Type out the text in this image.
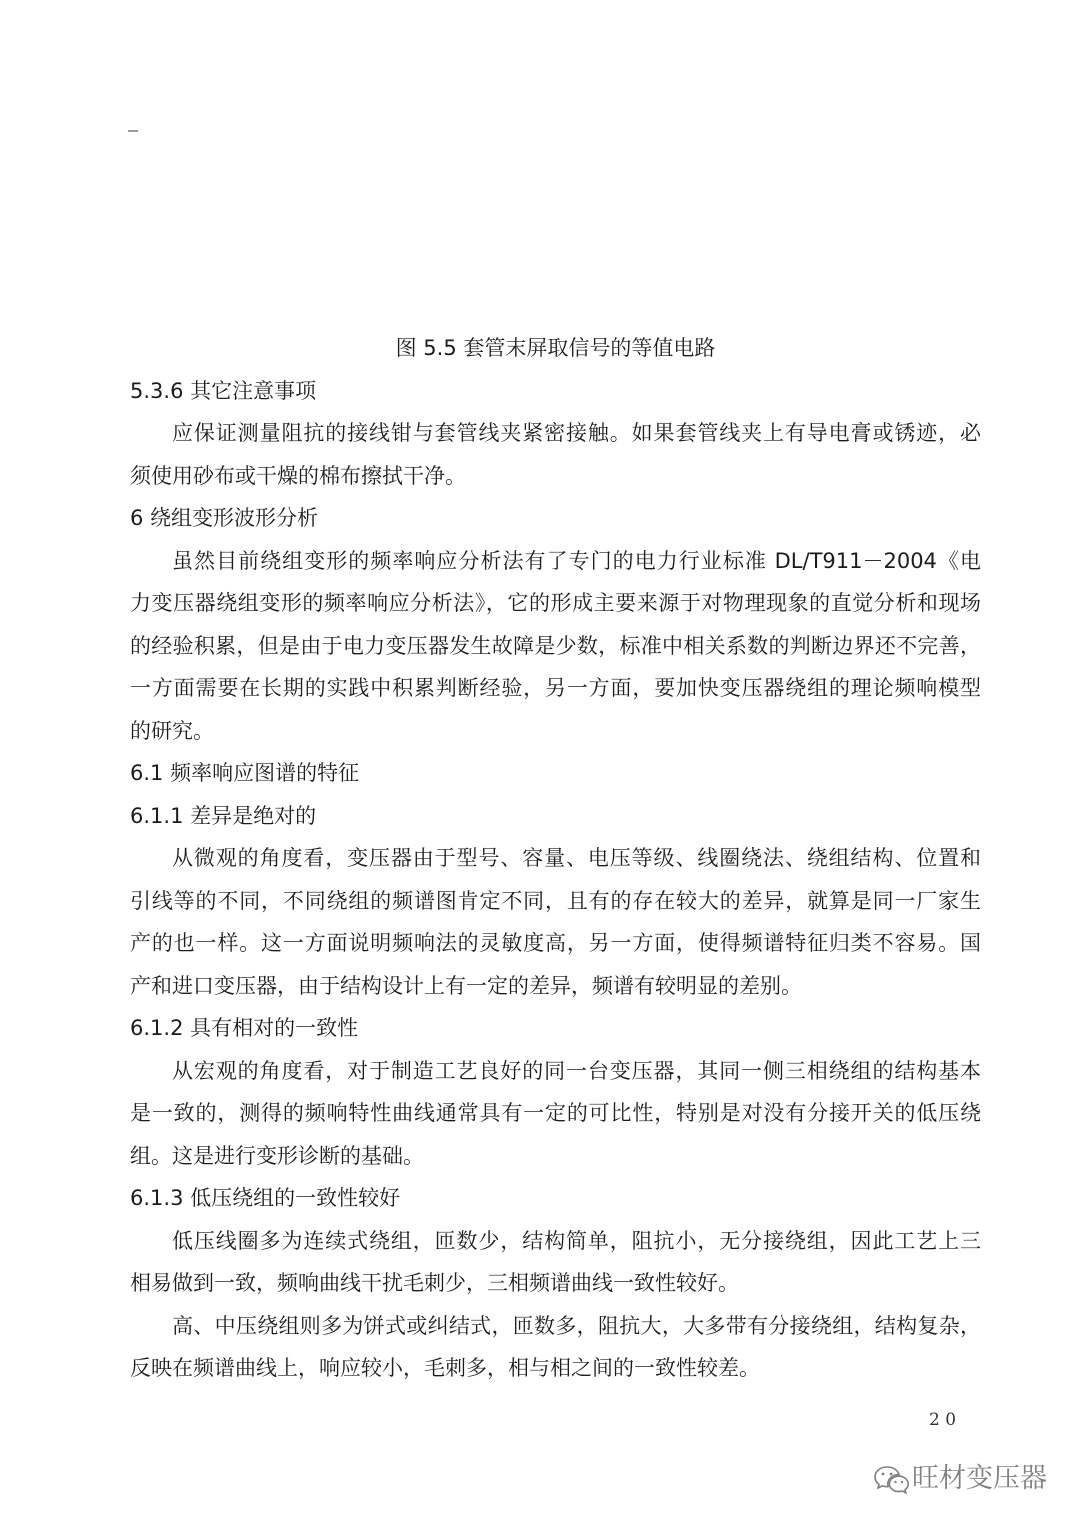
图 5.5 套管末屏取信号的等值电路
5.3.6 其它注意事项
应保证测量阻抗的接线钳与套管线夹紧密接触。如果套管线夹上有导电膏或锈迹，必
须使用砂布或干燥的棉布擦拭干净。
6 绕组变形波形分析
虽然目前绕组变形的频率响应分析法有了专门的电力行业标准 DL/T911－2004《电
力变压器绕组变形的频率响应分析法》，它的形成主要来源于对物理现象的直觉分析和现场
的经验积累，但是由于电力变压器发生故障是少数，标准中相关系数的判断边界还不完善，
一方面需要在长期的实践中积累判断经验，另一方面，要加快变压器绕组的理论频响模型
的研究。
6.1 频率响应图谱的特征
6.1.1 差异是绝对的
从微观的角度看，变压器由于型号、容量、电压等级、线圈绕法、绕组结构、位置和
引线等的不同，不同绕组的频谱图肯定不同，且有的存在较大的差异，就算是同一厂家生
产的也一样。这一方面说明频响法的灵敏度高，另一方面，使得频谱特征归类不容易。国
产和进口变压器，由于结构设计上有一定的差异，频谱有较明显的差别。
6.1.2 具有相对的一致性
从宏观的角度看，对于制造工艺良好的同一台变压器，其同一侧三相绕组的结构基本
是一致的，测得的频响特性曲线通常具有一定的可比性，特别是对没有分接开关的低压绕
组。这是进行变形诊断的基础。
6.1.3 低压绕组的一致性较好
低压线圈多为连续式绕组，匝数少，结构简单，阻抗小，无分接绕组，因此工艺上三
相易做到一致，频响曲线干扰毛刺少，三相频谱曲线一致性较好。
高、中压绕组则多为饼式或纠结式，匝数多，阻抗大，大多带有分接绕组，结构复杂，
反映在频谱曲线上，响应较小，毛刺多，相与相之间的一致性较差。
2 0
旺材变压器
